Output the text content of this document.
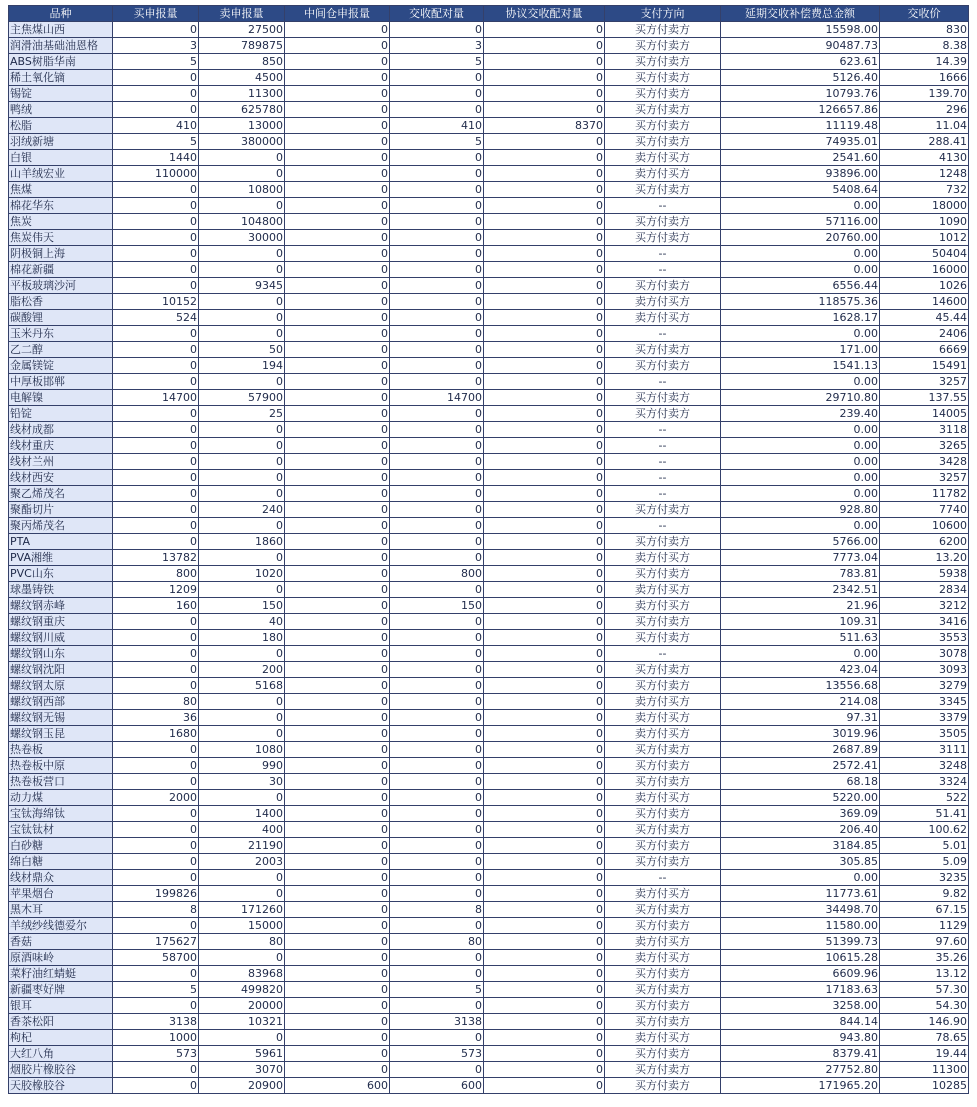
品种	买申报量	卖申报量	中间仓申报量	交收配对量	协议交收配对量	支付方向	延期交收补偿费总金额	交收价
主焦煤山西	0	27500	0	0	0	买方付卖方	15598.00	830
润滑油基础油恩格	3	789875	0	3	0	买方付卖方	90487.73	8.38
ABS树脂华南	5	850	0	5	0	买方付卖方	623.61	14.39
稀土氧化镝	0	4500	0	0	0	买方付卖方	5126.40	1666
锡锭	0	11300	0	0	0	买方付卖方	10793.76	139.70
鸭绒	0	625780	0	0	0	买方付卖方	126657.86	296
松脂	410	13000	0	410	8370	买方付卖方	11119.48	11.04
羽绒新塘	5	380000	0	5	0	买方付卖方	74935.01	288.41
白银	1440	0	0	0	0	卖方付买方	2541.60	4130
山羊绒宏业	110000	0	0	0	0	卖方付买方	93896.00	1248
焦煤	0	10800	0	0	0	买方付卖方	5408.64	732
棉花华东	0	0	0	0	0	--	0.00	18000
焦炭	0	104800	0	0	0	买方付卖方	57116.00	1090
焦炭伟天	0	30000	0	0	0	买方付卖方	20760.00	1012
阴极铜上海	0	0	0	0	0	--	0.00	50404
棉花新疆	0	0	0	0	0	--	0.00	16000
平板玻璃沙河	0	9345	0	0	0	买方付卖方	6556.44	1026
脂松香	10152	0	0	0	0	卖方付买方	118575.36	14600
碳酸锂	524	0	0	0	0	卖方付买方	1628.17	45.44
玉米丹东	0	0	0	0	0	--	0.00	2406
乙二醇	0	50	0	0	0	买方付卖方	171.00	6669
金属镁锭	0	194	0	0	0	买方付卖方	1541.13	15491
中厚板邯郸	0	0	0	0	0	--	0.00	3257
电解镍	14700	57900	0	14700	0	买方付卖方	29710.80	137.55
铅锭	0	25	0	0	0	买方付卖方	239.40	14005
线材成都	0	0	0	0	0	--	0.00	3118
线材重庆	0	0	0	0	0	--	0.00	3265
线材兰州	0	0	0	0	0	--	0.00	3428
线材西安	0	0	0	0	0	--	0.00	3257
聚乙烯茂名	0	0	0	0	0	--	0.00	11782
聚酯切片	0	240	0	0	0	买方付卖方	928.80	7740
聚丙烯茂名	0	0	0	0	0	--	0.00	10600
PTA	0	1860	0	0	0	买方付卖方	5766.00	6200
PVA湘维	13782	0	0	0	0	卖方付买方	7773.04	13.20
PVC山东	800	1020	0	800	0	买方付卖方	783.81	5938
球墨铸铁	1209	0	0	0	0	卖方付买方	2342.51	2834
螺纹钢赤峰	160	150	0	150	0	卖方付买方	21.96	3212
螺纹钢重庆	0	40	0	0	0	买方付卖方	109.31	3416
螺纹钢川威	0	180	0	0	0	买方付卖方	511.63	3553
螺纹钢山东	0	0	0	0	0	--	0.00	3078
螺纹钢沈阳	0	200	0	0	0	买方付卖方	423.04	3093
螺纹钢太原	0	5168	0	0	0	买方付卖方	13556.68	3279
螺纹钢西部	80	0	0	0	0	卖方付买方	214.08	3345
螺纹钢无锡	36	0	0	0	0	卖方付买方	97.31	3379
螺纹钢玉昆	1680	0	0	0	0	卖方付买方	3019.96	3505
热卷板	0	1080	0	0	0	买方付卖方	2687.89	3111
热卷板中原	0	990	0	0	0	买方付卖方	2572.41	3248
热卷板营口	0	30	0	0	0	买方付卖方	68.18	3324
动力煤	2000	0	0	0	0	卖方付买方	5220.00	522
宝钛海绵钛	0	1400	0	0	0	买方付卖方	369.09	51.41
宝钛钛材	0	400	0	0	0	买方付卖方	206.40	100.62
白砂糖	0	21190	0	0	0	买方付卖方	3184.85	5.01
绵白糖	0	2003	0	0	0	买方付卖方	305.85	5.09
线材鼎众	0	0	0	0	0	--	0.00	3235
苹果烟台	199826	0	0	0	0	卖方付买方	11773.61	9.82
黑木耳	8	171260	0	8	0	买方付卖方	34498.70	67.15
羊绒纱线德爱尔	0	15000	0	0	0	买方付卖方	11580.00	1129
香菇	175627	80	0	80	0	卖方付买方	51399.73	97.60
原酒味岭	58700	0	0	0	0	卖方付买方	10615.28	35.26
菜籽油红蜻蜓	0	83968	0	0	0	买方付卖方	6609.96	13.12
新疆枣好牌	5	499820	0	5	0	买方付卖方	17183.63	57.30
银耳	0	20000	0	0	0	买方付卖方	3258.00	54.30
香茶松阳	3138	10321	0	3138	0	买方付卖方	844.14	146.90
枸杞	1000	0	0	0	0	卖方付买方	943.80	78.65
大红八角	573	5961	0	573	0	买方付卖方	8379.41	19.44
烟胶片橡胶谷	0	3070	0	0	0	买方付卖方	27752.80	11300
天胶橡胶谷	0	20900	600	600	0	买方付卖方	171965.20	10285
